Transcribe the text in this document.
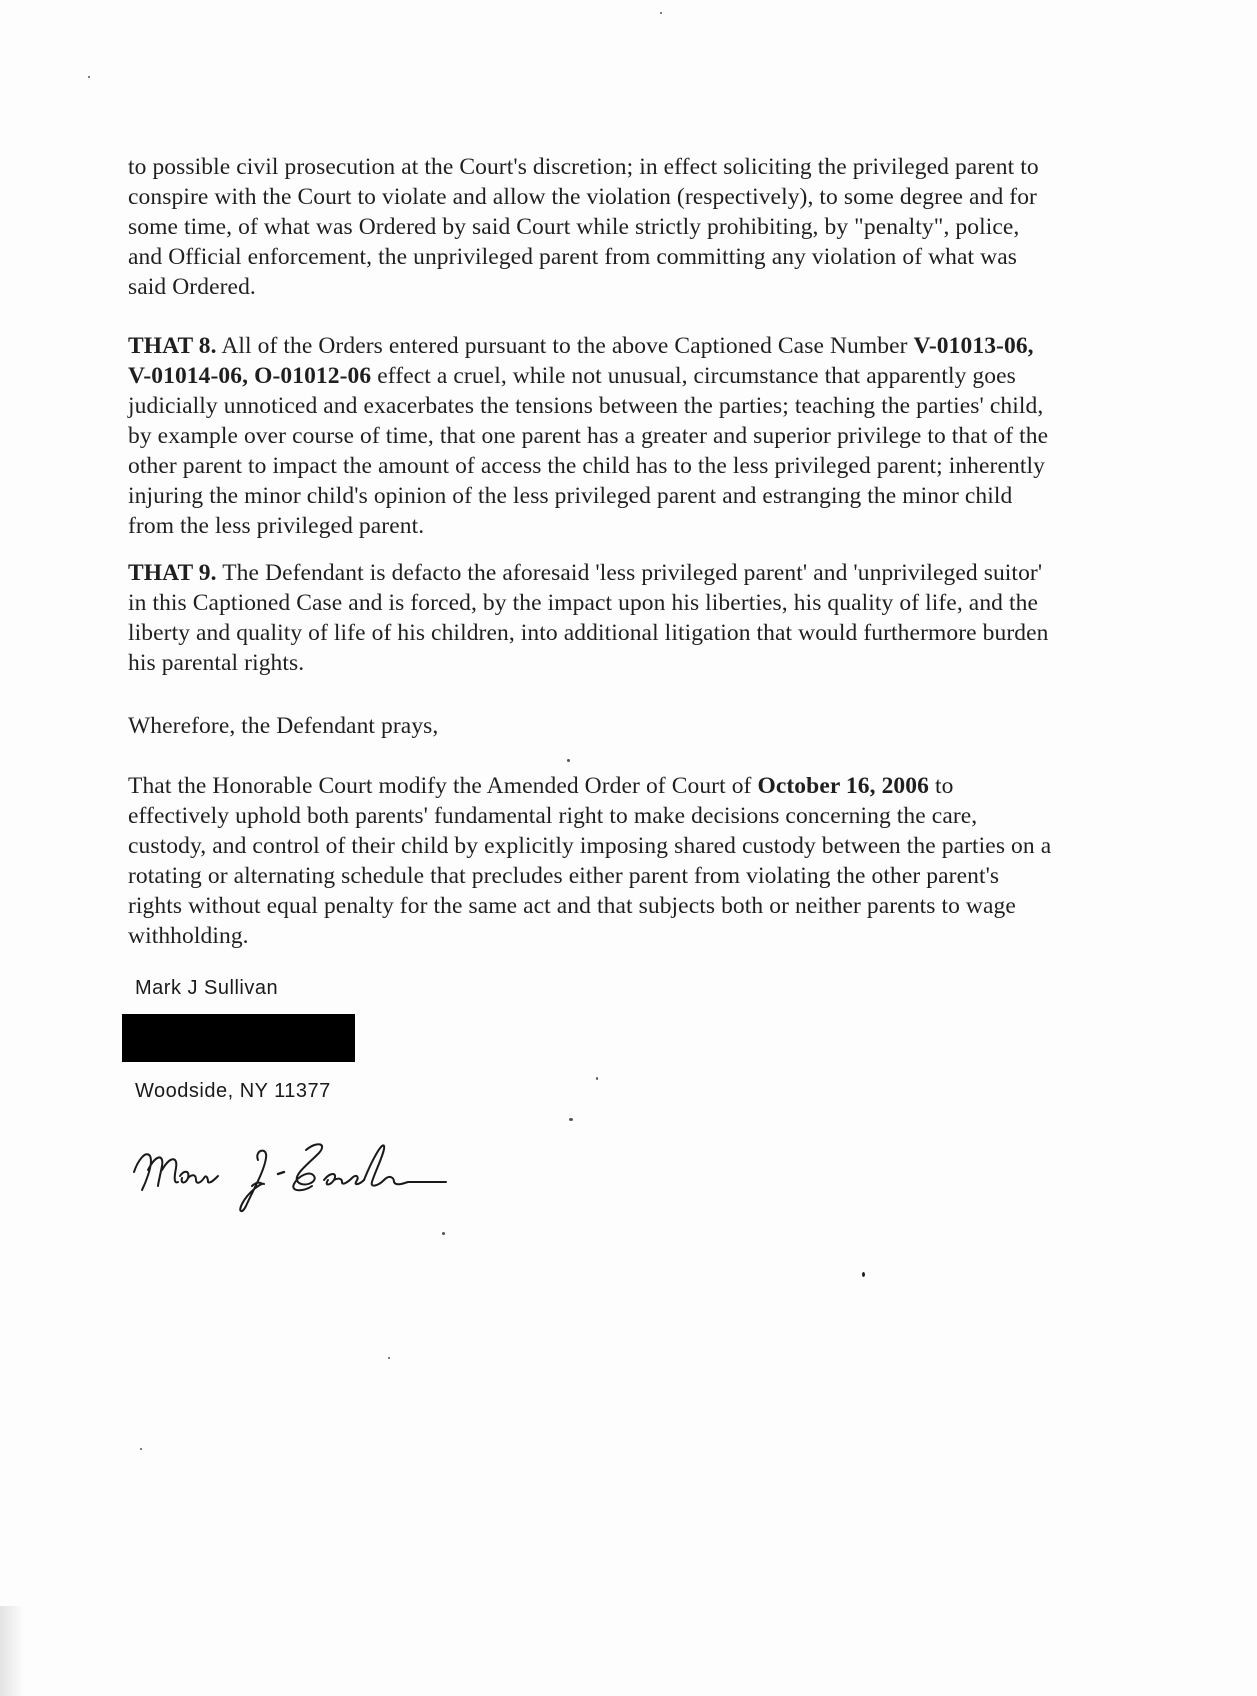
to possible civil prosecution at the Court's discretion; in effect soliciting the privileged parent to
conspire with the Court to violate and allow the violation (respectively), to some degree and for
some time, of what was Ordered by said Court while strictly prohibiting, by "penalty", police,
and Official enforcement, the unprivileged parent from committing any violation of what was
said Ordered.
THAT 8. All of the Orders entered pursuant to the above Captioned Case Number V-01013-06,
V-01014-06, O-01012-06 effect a cruel, while not unusual, circumstance that apparently goes
judicially unnoticed and exacerbates the tensions between the parties; teaching the parties' child,
by example over course of time, that one parent has a greater and superior privilege to that of the
other parent to impact the amount of access the child has to the less privileged parent; inherently
injuring the minor child's opinion of the less privileged parent and estranging the minor child
from the less privileged parent.
THAT 9. The Defendant is defacto the aforesaid 'less privileged parent' and 'unprivileged suitor'
in this Captioned Case and is forced, by the impact upon his liberties, his quality of life, and the
liberty and quality of life of his children, into additional litigation that would furthermore burden
his parental rights.
Wherefore, the Defendant prays,
That the Honorable Court modify the Amended Order of Court of October 16, 2006 to
effectively uphold both parents' fundamental right to make decisions concerning the care,
custody, and control of their child by explicitly imposing shared custody between the parties on a
rotating or alternating schedule that precludes either parent from violating the other parent's
rights without equal penalty for the same act and that subjects both or neither parents to wage
withholding.
Mark J Sullivan
Woodside, NY 11377
